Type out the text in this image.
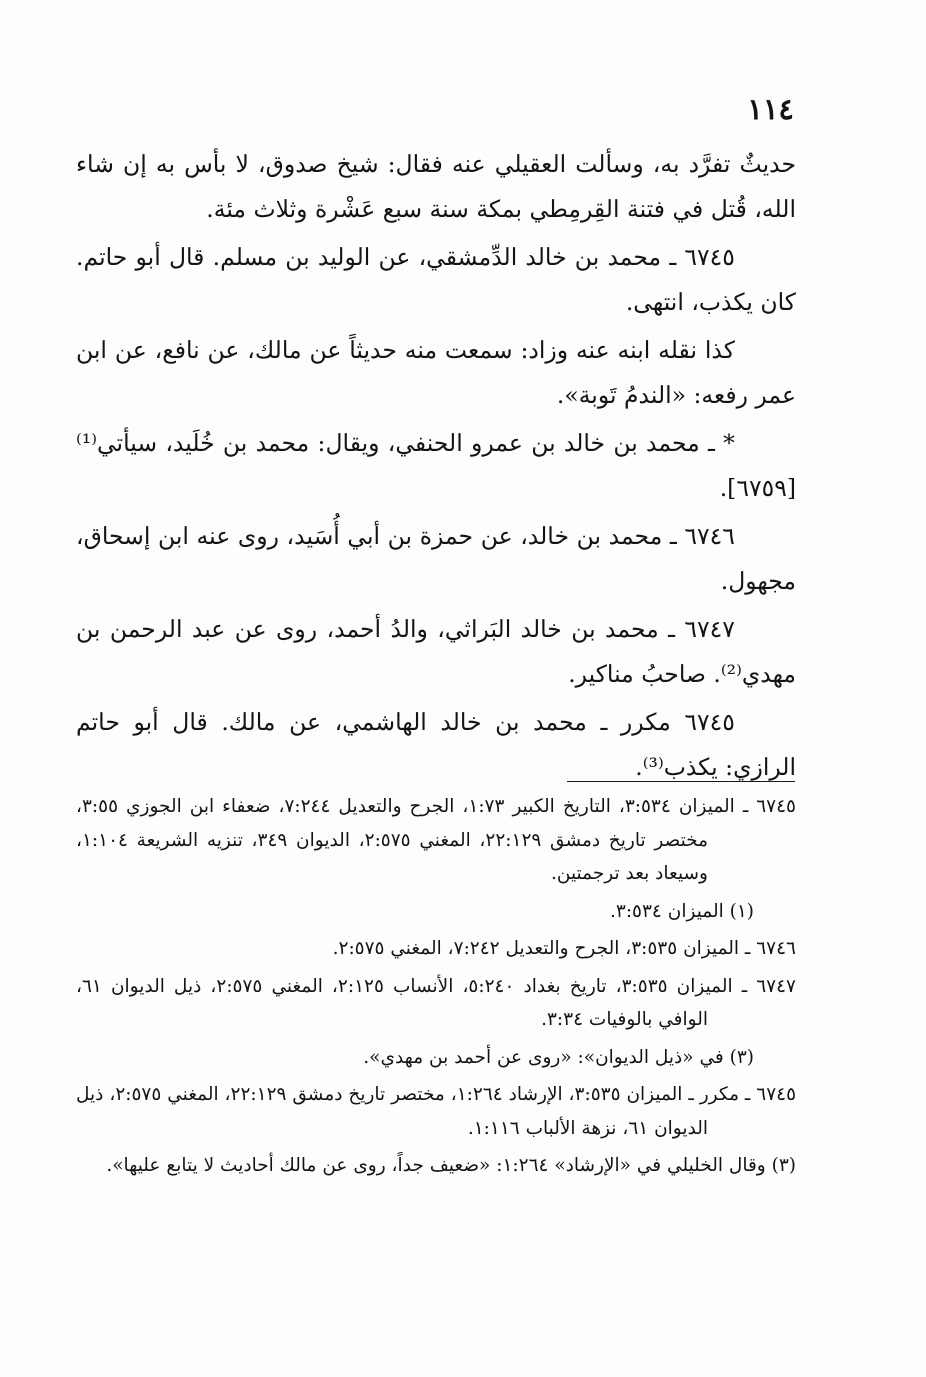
١١٤

حديثٌ تفرَّد به، وسألت العقيلي عنه فقال: شيخ صدوق، لا بأس به إن شاء الله، قُتل في فتنة القِرمِطي بمكة سنة سبع عَشْرة وثلاث مئة.

٦٧٤٥ ـ محمد بن خالد الدِّمشقي، عن الوليد بن مسلم. قال أبو حاتم. كان يكذب، انتهى.

كذا نقله ابنه عنه وزاد: سمعت منه حديثاً عن مالك، عن نافع، عن ابن عمر رفعه: «الندمُ تَوبة».

* ـ محمد بن خالد بن عمرو الحنفي، ويقال: محمد بن خُلَيد، سيأتي⁽¹⁾ [٦٧٥٩].

٦٧٤٦ ـ محمد بن خالد، عن حمزة بن أبي أُسَيد، روى عنه ابن إسحاق، مجهول.

٦٧٤٧ ـ محمد بن خالد البَراثي، والدُ أحمد، روى عن عبد الرحمن بن مهدي⁽²⁾. صاحبُ مناكير.

٦٧٤٥ مكرر ـ محمد بن خالد الهاشمي، عن مالك. قال أبو حاتم الرازي: يكذب⁽³⁾.

٦٧٤٥ ـ الميزان ٣:٥٣٤، التاريخ الكبير ١:٧٣، الجرح والتعديل ٧:٢٤٤، ضعفاء ابن الجوزي ٣:٥٥، مختصر تاريخ دمشق ٢٢:١٢٩، المغني ٢:٥٧٥، الديوان ٣٤٩، تنزيه الشريعة ١:١٠٤، وسيعاد بعد ترجمتين.

(١) الميزان ٣:٥٣٤.

٦٧٤٦ ـ الميزان ٣:٥٣٥، الجرح والتعديل ٧:٢٤٢، المغني ٢:٥٧٥.

٦٧٤٧ ـ الميزان ٣:٥٣٥، تاريخ بغداد ٥:٢٤٠، الأنساب ٢:١٢٥، المغني ٢:٥٧٥، ذيل الديوان ٦١، الوافي بالوفيات ٣:٣٤.

(٣) في «ذيل الديوان»: «روى عن أحمد بن مهدي».

٦٧٤٥ ـ مكرر ـ الميزان ٣:٥٣٥، الإرشاد ١:٢٦٤، مختصر تاريخ دمشق ٢٢:١٢٩، المغني ٢:٥٧٥، ذيل الديوان ٦١، نزهة الألباب ١:١١٦.

(٣) وقال الخليلي في «الإرشاد» ١:٢٦٤: «ضعيف جداً، روى عن مالك أحاديث لا يتابع عليها».
